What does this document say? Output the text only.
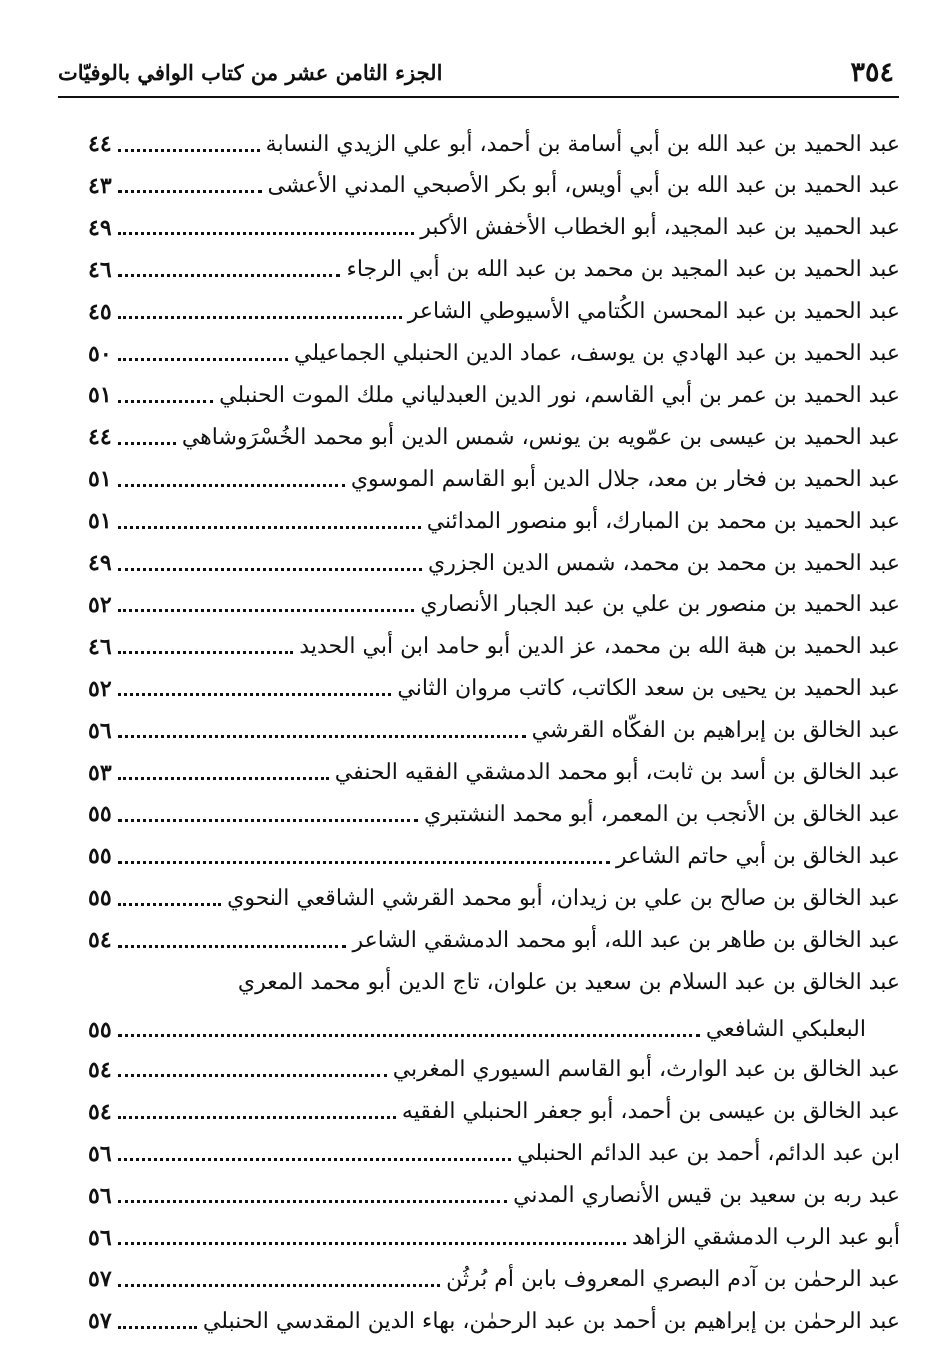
٣٥٤
الجزء الثامن عشر من كتاب الوافي بالوفيّات
عبد الحميد بن عبد الله بن أبي أسامة بن أحمد، أبو علي الزيدي النسابة
٤٤
عبد الحميد بن عبد الله بن أبي أويس، أبو بكر الأصبحي المدني الأعشى
٤٣
عبد الحميد بن عبد المجيد، أبو الخطاب الأخفش الأكبر
٤٩
عبد الحميد بن عبد المجيد بن محمد بن عبد الله بن أبي الرجاء
٤٦
عبد الحميد بن عبد المحسن الكُتامي الأسيوطي الشاعر
٤٥
عبد الحميد بن عبد الهادي بن يوسف، عماد الدين الحنبلي الجماعيلي
٥٠
عبد الحميد بن عمر بن أبي القاسم، نور الدين العبدلياني ملك الموت الحنبلي
٥١
عبد الحميد بن عيسى بن عمّويه بن يونس، شمس الدين أبو محمد الخُسْرَوشاهي
٤٤
عبد الحميد بن فخار بن معد، جلال الدين أبو القاسم الموسوي
٥١
عبد الحميد بن محمد بن المبارك، أبو منصور المدائني
٥١
عبد الحميد بن محمد بن محمد، شمس الدين الجزري
٤٩
عبد الحميد بن منصور بن علي بن عبد الجبار الأنصاري
٥٢
عبد الحميد بن هبة الله بن محمد، عز الدين أبو حامد ابن أبي الحديد
٤٦
عبد الحميد بن يحيى بن سعد الكاتب، كاتب مروان الثاني
٥٢
عبد الخالق بن إبراهيم بن الفكّاه القرشي
٥٦
عبد الخالق بن أسد بن ثابت، أبو محمد الدمشقي الفقيه الحنفي
٥٣
عبد الخالق بن الأنجب بن المعمر، أبو محمد النشتبري
٥٥
عبد الخالق بن أبي حاتم الشاعر
٥٥
عبد الخالق بن صالح بن علي بن زيدان، أبو محمد القرشي الشاقعي النحوي
٥٥
عبد الخالق بن طاهر بن عبد الله، أبو محمد الدمشقي الشاعر
٥٤
عبد الخالق بن عبد السلام بن سعيد بن علوان، تاج الدين أبو محمد المعري
البعلبكي الشافعي
٥٥
عبد الخالق بن عبد الوارث، أبو القاسم السيوري المغربي
٥٤
عبد الخالق بن عيسى بن أحمد، أبو جعفر الحنبلي الفقيه
٥٤
ابن عبد الدائم، أحمد بن عبد الدائم الحنبلي
٥٦
عبد ربه بن سعيد بن قيس الأنصاري المدني
٥٦
أبو عبد الرب الدمشقي الزاهد
٥٦
عبد الرحمٰن بن آدم البصري المعروف بابن أم بُرثُن
٥٧
عبد الرحمٰن بن إبراهيم بن أحمد بن عبد الرحمٰن، بهاء الدين المقدسي الحنبلي
٥٧
